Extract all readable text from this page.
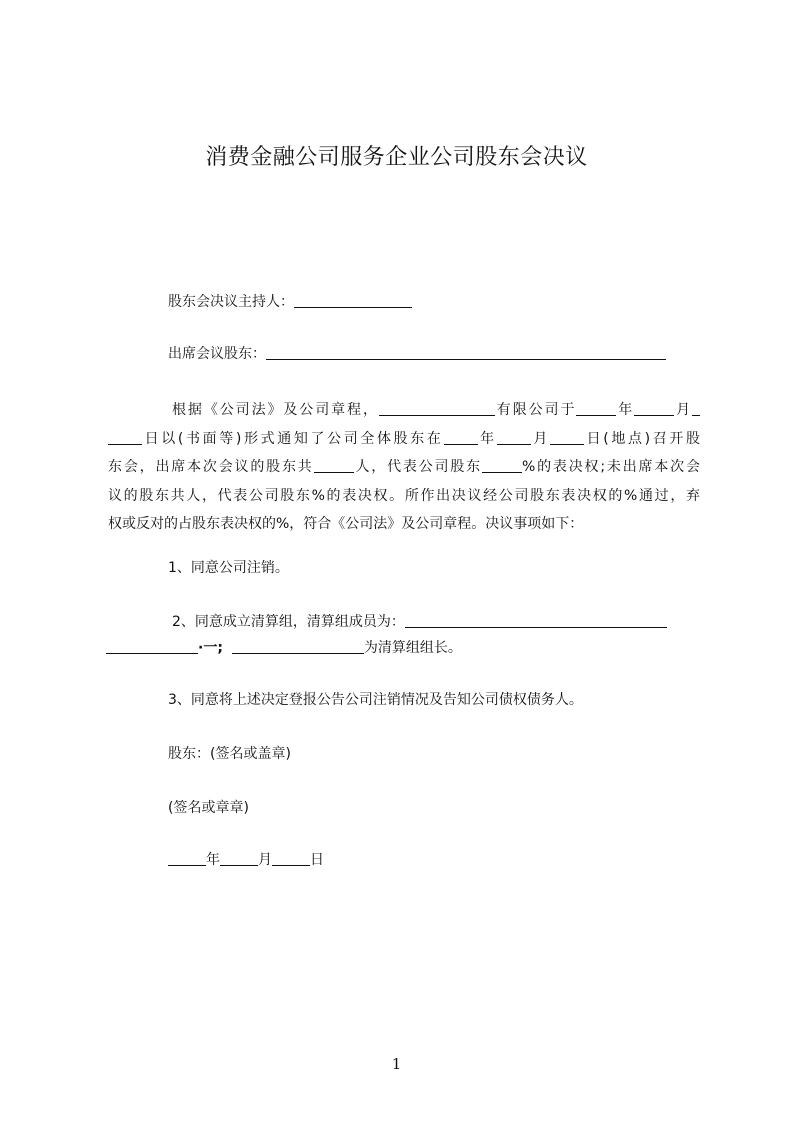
消费金融公司服务企业公司股东会决议
股东会决议主持人：
出席会议股东：
根据《公司法》及公司章程，	有限公司于	年	月
日以(书面等)形式通知了公司全体股东在 年 月 日(地点)召开股
东会，出席本次会议的股东共	人，代表公司股东	%的表决权;未出席本次会
议的股东共人，代表公司股东%的表决权。所作出决议经公司股东表决权的%通过，弃
权或反对的占股东表决权的%，符合《公司法》及公司章程。决议事项如下：
1、同意公司注销。
2、同意成立清算组，清算组成员为：
·一;	为清算组组长。
3、同意将上述决定登报公告公司注销情况及告知公司债权债务人。
股东：(签名或盖章)
(签名或章章)
年	月	日
1
